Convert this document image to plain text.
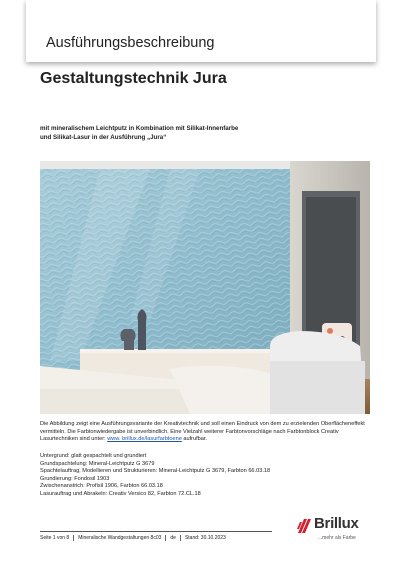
Ausführungsbeschreibung
Gestaltungstechnik Jura
mit mineralischem Leichtputz in Kombination mit Silikat-Innenfarbe
und Silikat-Lasur in der Ausführung „Jura“
Die Abbildung zeigt eine Ausführungsvariante der Kreativtechnik und soll einen Eindruck von dem zu erzielenden Oberflächeneffekt vermitteln. Die Farbtonwiedergabe ist unverbindlich. Eine Vielzahl weiterer Farbtonvorschläge nach Farbtonblock Creativ Lasurtechniken sind unter: www. brillux.de/lasurfarbtoene aufrufbar.
Untergrund: glatt gespachtelt und grundiert
Grundspachtelung: Mineral-Leichtputz G 3679
Spachtelauftrag, Modellieren und Strukturieren: Mineral-Leichtputz G 3679, Farbton 66.03.18
Grundierung: Fondosil 1903
Zwischenanstrich: Profisil 1906, Farbton 66.03.18
Lasurauftrag und Abrakeln: Creativ Versico 82, Farbton 72.CL.18
Seite 1 von 8 Mineralische Wandgestaltungen 8c03 de Stand: 30.10.2023
Brillux
...mehr als Farbe
